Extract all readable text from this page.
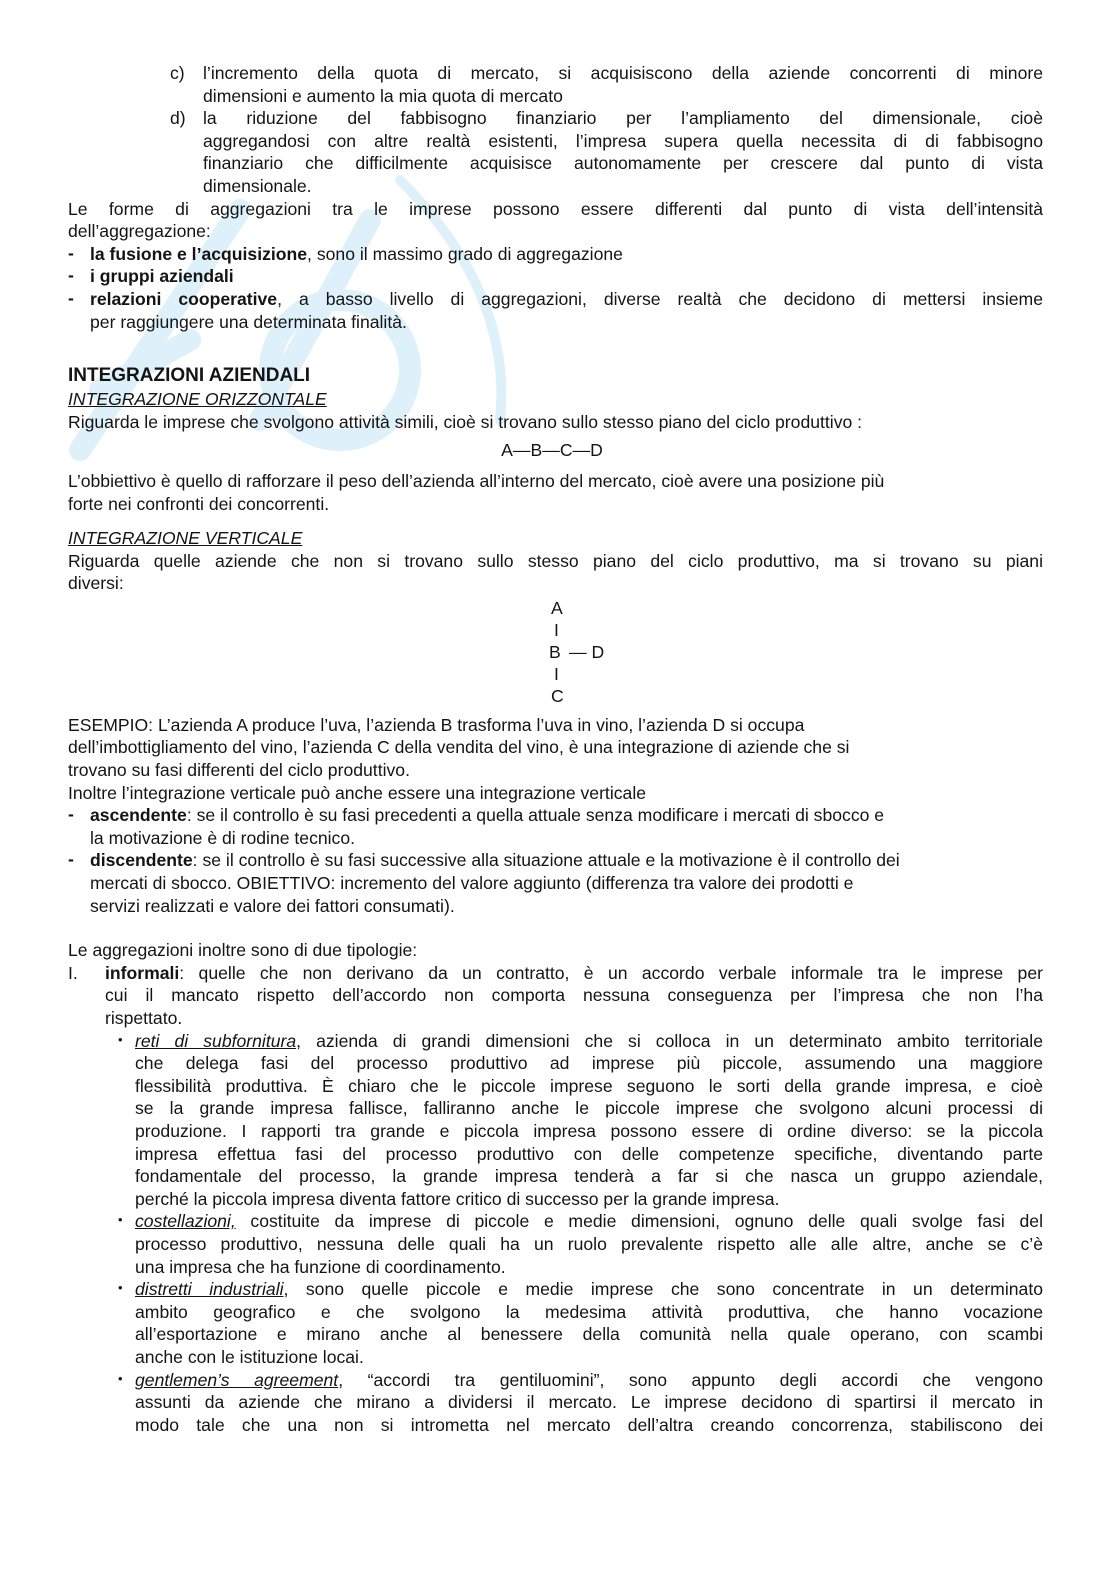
c) l’incremento della quota di mercato, si acquisiscono della aziende concorrenti di minore
dimensioni e aumento la mia quota di mercato
d) la riduzione del fabbisogno finanziario per l’ampliamento del dimensionale, cioè
aggregandosi con altre realtà esistenti, l’impresa supera quella necessita di di fabbisogno
finanziario che difficilmente acquisisce autonomamente per crescere dal punto di vista
dimensionale.
Le forme di aggregazioni tra le imprese possono essere differenti dal punto di vista dell’intensità
dell’aggregazione:
- la fusione e l’acquisizione, sono il massimo grado di aggregazione
- i gruppi aziendali
- relazioni cooperative, a basso livello di aggregazioni, diverse realtà che decidono di mettersi insieme
per raggiungere una determinata finalità.
INTEGRAZIONI AZIENDALI
INTEGRAZIONE ORIZZONTALE
Riguarda le imprese che svolgono attività simili, cioè si trovano sullo stesso piano del ciclo produttivo :
A—B—C—D
L’obbiettivo è quello di rafforzare il peso dell’azienda all’interno del mercato, cioè avere una posizione più
forte nei confronti dei concorrenti.
INTEGRAZIONE VERTICALE
Riguarda quelle aziende che non si trovano sullo stesso piano del ciclo produttivo, ma si trovano su piani
diversi:
A
I
B — D
I
C
ESEMPIO: L’azienda A produce l’uva, l’azienda B trasforma l’uva in vino, l’azienda D si occupa
dell’imbottigliamento del vino, l’azienda C della vendita del vino, è una integrazione di aziende che si
trovano su fasi differenti del ciclo produttivo.
Inoltre l’integrazione verticale può anche essere una integrazione verticale
- ascendente: se il controllo è su fasi precedenti a quella attuale senza modificare i mercati di sbocco e
la motivazione è di rodine tecnico.
- discendente: se il controllo è su fasi successive alla situazione attuale e la motivazione è il controllo dei
mercati di sbocco. OBIETTIVO: incremento del valore aggiunto (differenza tra valore dei prodotti e
servizi realizzati e valore dei fattori consumati).
Le aggregazioni inoltre sono di due tipologie:
I. informali: quelle che non derivano da un contratto, è un accordo verbale informale tra le imprese per
cui il mancato rispetto dell’accordo non comporta nessuna conseguenza per l’impresa che non l’ha
rispettato.
• reti di subfornitura, azienda di grandi dimensioni che si colloca in un determinato ambito territoriale
che delega fasi del processo produttivo ad imprese più piccole, assumendo una maggiore
flessibilità produttiva. È chiaro che le piccole imprese seguono le sorti della grande impresa, e cioè
se la grande impresa fallisce, falliranno anche le piccole imprese che svolgono alcuni processi di
produzione. I rapporti tra grande e piccola impresa possono essere di ordine diverso: se la piccola
impresa effettua fasi del processo produttivo con delle competenze specifiche, diventando parte
fondamentale del processo, la grande impresa tenderà a far si che nasca un gruppo aziendale,
perché la piccola impresa diventa fattore critico di successo per la grande impresa.
• costellazioni, costituite da imprese di piccole e medie dimensioni, ognuno delle quali svolge fasi del
processo produttivo, nessuna delle quali ha un ruolo prevalente rispetto alle alle altre, anche se c’è
una impresa che ha funzione di coordinamento.
• distretti industriali, sono quelle piccole e medie imprese che sono concentrate in un determinato
ambito geografico e che svolgono la medesima attività produttiva, che hanno vocazione
all’esportazione e mirano anche al benessere della comunità nella quale operano, con scambi
anche con le istituzione locai.
• gentlemen’s agreement, “accordi tra gentiluomini”, sono appunto degli accordi che vengono
assunti da aziende che mirano a dividersi il mercato. Le imprese decidono di spartirsi il mercato in
modo tale che una non si intrometta nel mercato dell’altra creando concorrenza, stabiliscono dei
